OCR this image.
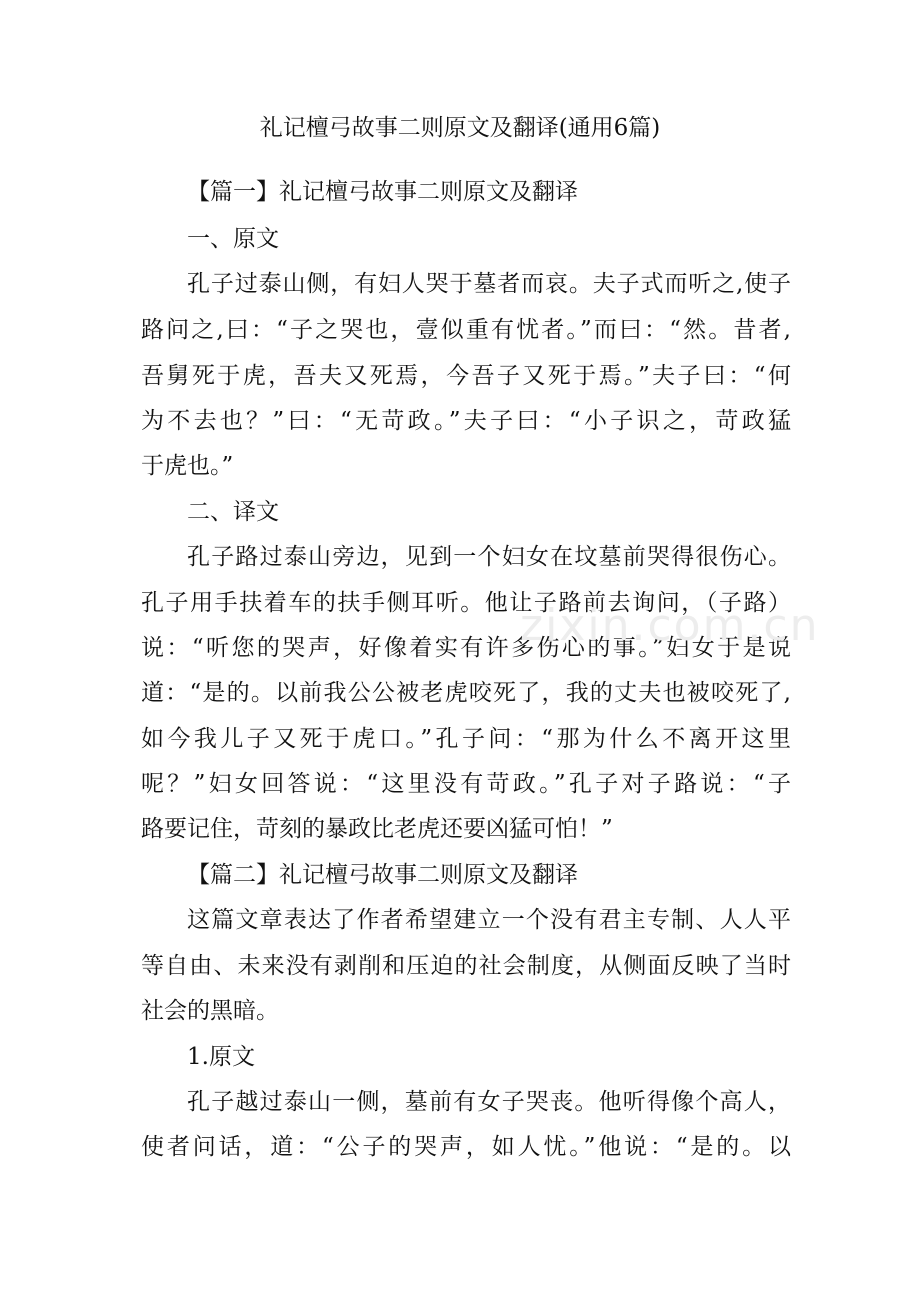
礼记檀弓故事二则原文及翻译(通用6篇)
【篇一】礼记檀弓故事二则原文及翻译
一、原文
孔子过泰山侧，有妇人哭于墓者而哀。夫子式而听之,使子
路问之,曰：“子之哭也，壹似重有忧者。”而曰：“然。昔者,
吾舅死于虎，吾夫又死焉，今吾子又死于焉。”夫子曰：“何
为不去也？”曰：“无苛政。”夫子曰：“小子识之，苛政猛
于虎也。”
二、译文
孔子路过泰山旁边，见到一个妇女在坟墓前哭得很伤心。
孔子用手扶着车的扶手侧耳听。他让子路前去询问，（子路）
说：“听您的哭声，好像着实有许多伤心的事。”妇女于是说
道：“是的。以前我公公被老虎咬死了，我的丈夫也被咬死了,
如今我儿子又死于虎口。”孔子问：“那为什么不离开这里
呢？”妇女回答说：“这里没有苛政。”孔子对子路说：“子
路要记住，苛刻的暴政比老虎还要凶猛可怕！”
【篇二】礼记檀弓故事二则原文及翻译
这篇文章表达了作者希望建立一个没有君主专制、人人平
等自由、未来没有剥削和压迫的社会制度，从侧面反映了当时
社会的黑暗。
1.原文
孔子越过泰山一侧，墓前有女子哭丧。他听得像个高人，
使者问话，道：“公子的哭声，如人忧。”他说：“是的。以
zixin.com.cn
